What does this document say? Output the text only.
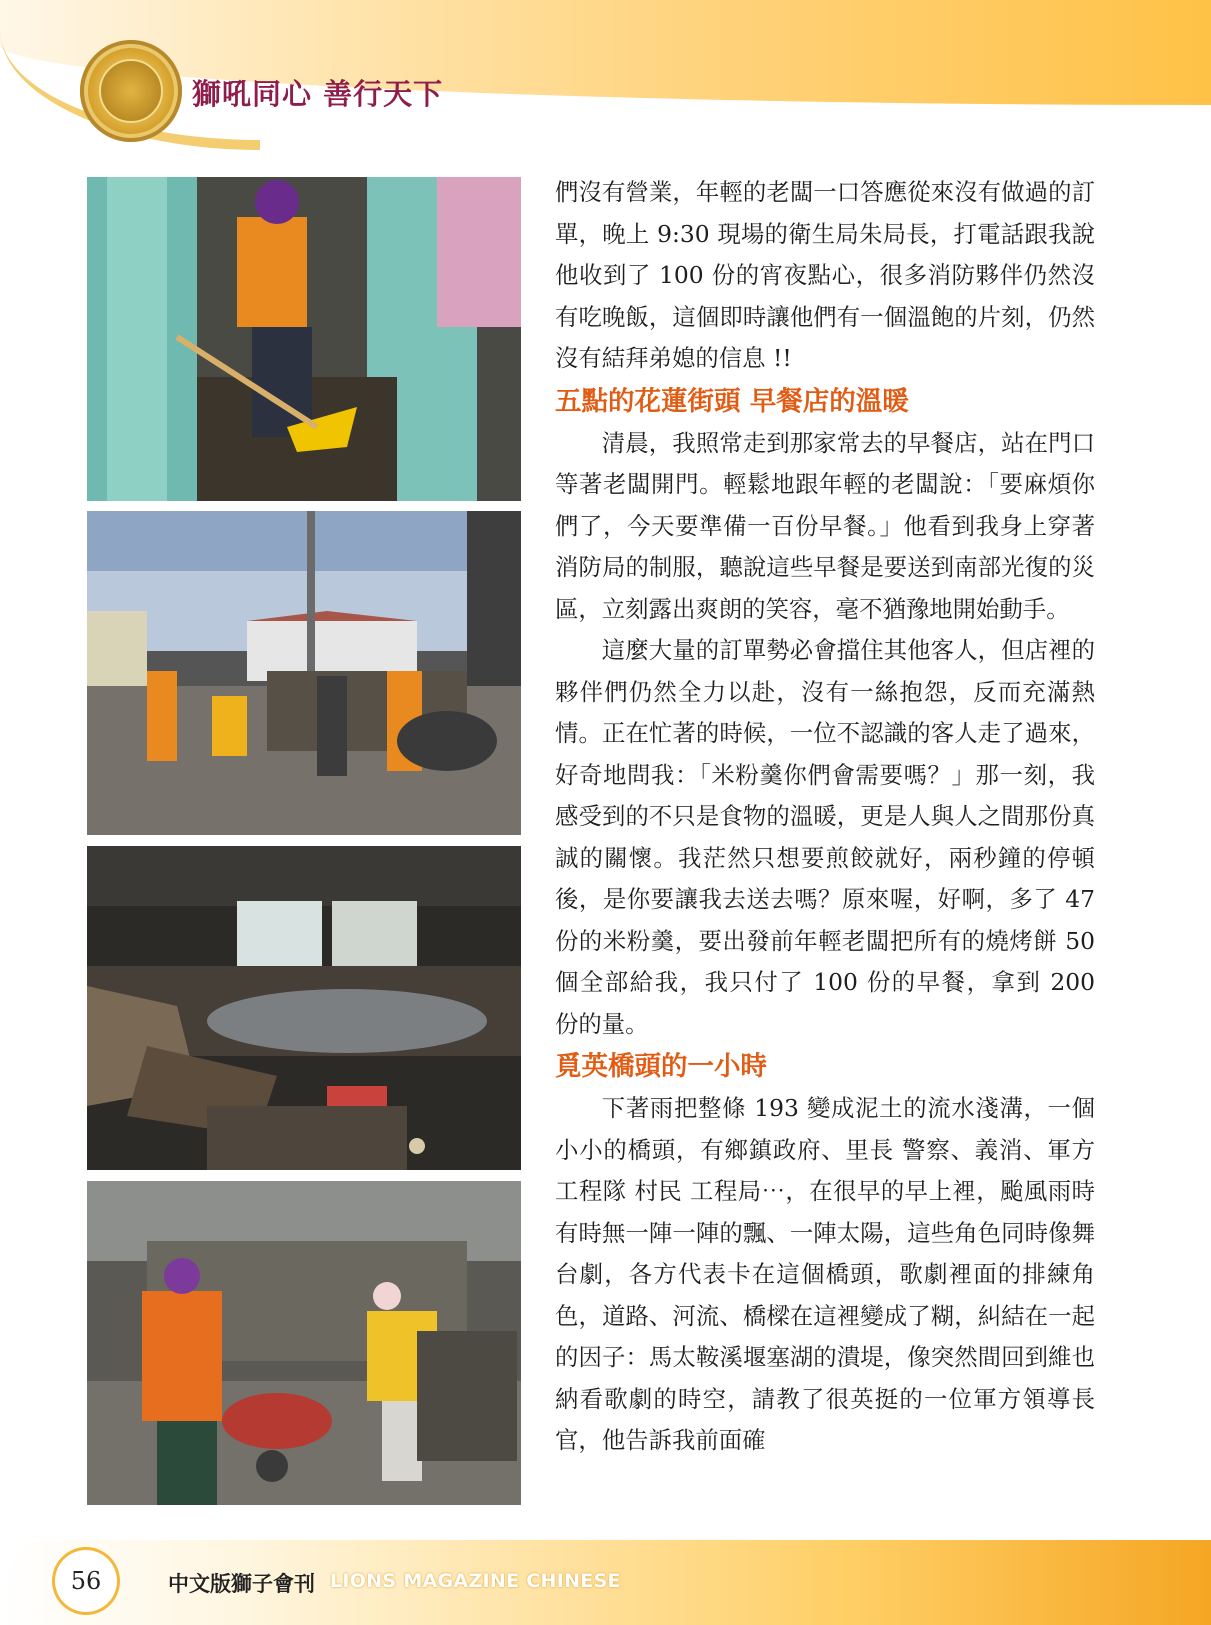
獅吼同心 善行天下

們沒有營業，年輕的老闆一口答應從來沒有做過的訂單，晚上 9:30 現場的衛生局朱局長，打電話跟我說他收到了 100 份的宵夜點心，很多消防夥伴仍然沒有吃晚飯，這個即時讓他們有一個溫飽的片刻，仍然沒有結拜弟媳的信息 !!

五點的花蓮街頭 早餐店的溫暖

清晨，我照常走到那家常去的早餐店，站在門口等著老闆開門。輕鬆地跟年輕的老闆說：「要麻煩你們了，今天要準備一百份早餐。」他看到我身上穿著消防局的制服，聽說這些早餐是要送到南部光復的災區，立刻露出爽朗的笑容，毫不猶豫地開始動手。

這麼大量的訂單勢必會擋住其他客人，但店裡的夥伴們仍然全力以赴，沒有一絲抱怨，反而充滿熱情。正在忙著的時候，一位不認識的客人走了過來，好奇地問我：「米粉羹你們會需要嗎？」那一刻，我感受到的不只是食物的溫暖，更是人與人之間那份真誠的關懷。我茫然只想要煎餃就好，兩秒鐘的停頓後，是你要讓我去送去嗎？原來喔，好啊，多了 47 份的米粉羹，要出發前年輕老闆把所有的燒烤餅 50 個全部給我，我只付了 100 份的早餐，拿到 200 份的量。

覓英橋頭的一小時

下著雨把整條 193 變成泥土的流水淺溝，一個小小的橋頭，有鄉鎮政府、里長 警察、義消、軍方工程隊 村民 工程局⋯，在很早的早上裡，颱風雨時有時無一陣一陣的飄、一陣太陽，這些角色同時像舞台劇，各方代表卡在這個橋頭，歌劇裡面的排練角色，道路、河流、橋樑在這裡變成了糊，糾結在一起的因子：馬太鞍溪堰塞湖的潰堤，像突然間回到維也納看歌劇的時空，請教了很英挺的一位軍方領導長官，他告訴我前面確

56	中文版獅子會刊 LIONS MAGAZINE CHINESE
